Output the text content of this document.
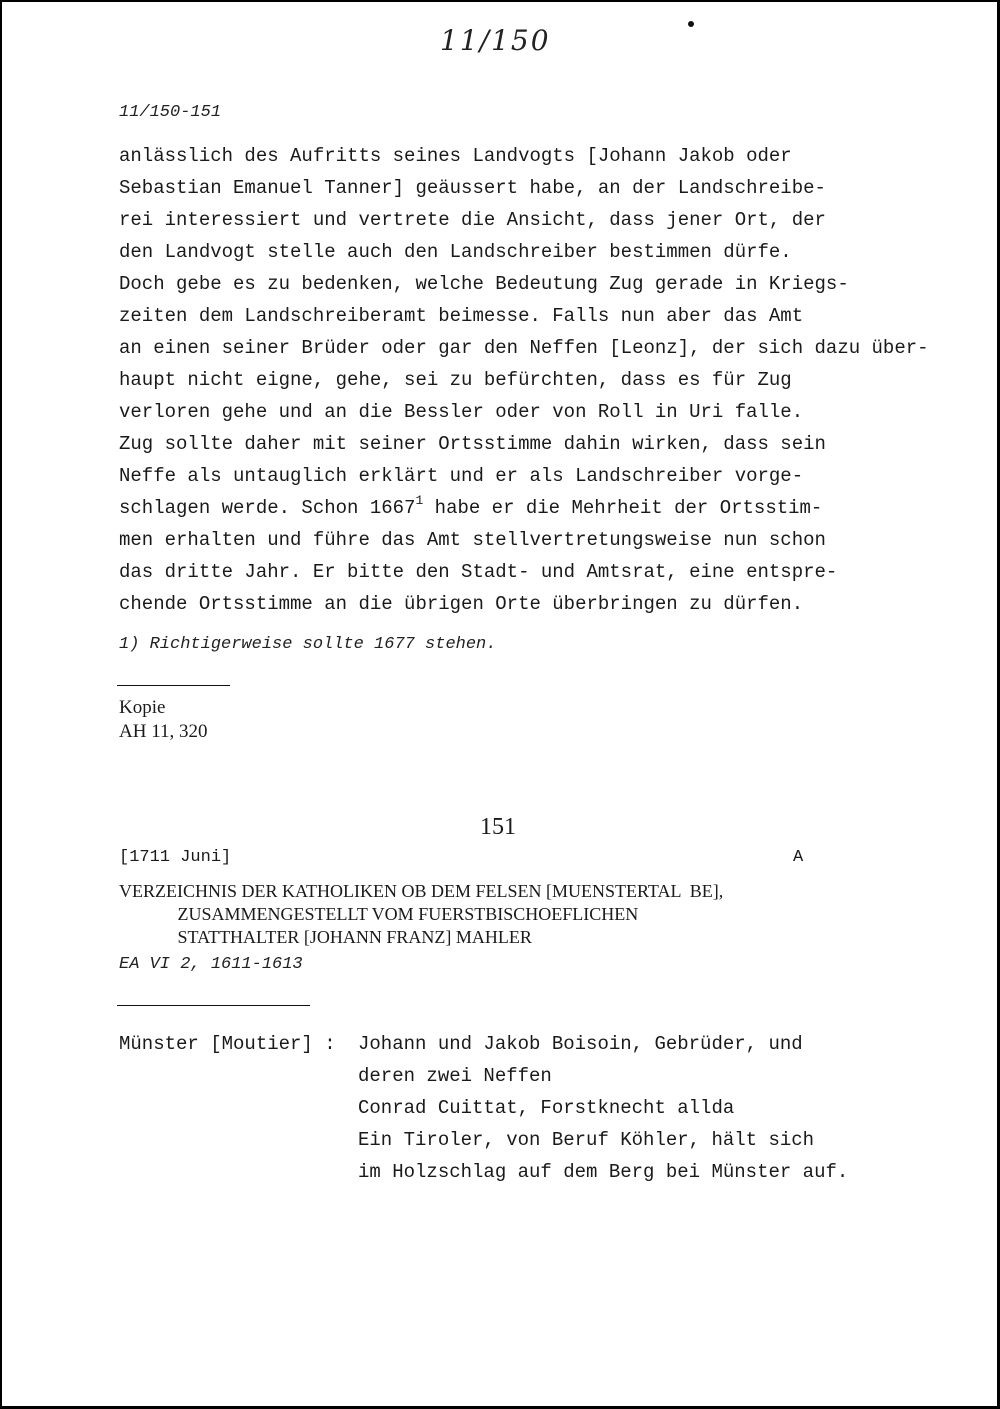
11/150
11/150-151
anlässlich des Aufritts seines Landvogts [Johann Jakob oder
Sebastian Emanuel Tanner] geäussert habe, an der Landschreibe-
rei interessiert und vertrete die Ansicht, dass jener Ort, der
den Landvogt stelle auch den Landschreiber bestimmen dürfe.
Doch gebe es zu bedenken, welche Bedeutung Zug gerade in Kriegs-
zeiten dem Landschreiberamt beimesse. Falls nun aber das Amt
an einen seiner Brüder oder gar den Neffen [Leonz], der sich dazu über-
haupt nicht eigne, gehe, sei zu befürchten, dass es für Zug
verloren gehe und an die Bessler oder von Roll in Uri falle.
Zug sollte daher mit seiner Ortsstimme dahin wirken, dass sein
Neffe als untauglich erklärt und er als Landschreiber vorge-
schlagen werde. Schon 1667$^1$ habe er die Mehrheit der Ortsstim-
men erhalten und führe das Amt stellvertretungsweise nun schon
das dritte Jahr. Er bitte den Stadt- und Amtsrat, eine entspre-
chende Ortsstimme an die übrigen Orte überbringen zu dürfen.
1) Richtigerweise sollte 1677 stehen.
Kopie
AH 11, 320
151
[1711 Juni]	A
VERZEICHNIS DER KATHOLIKEN OB DEM FELSEN [MUENSTERTAL  BE],
ZUSAMMENGESTELLT VOM FUERSTBISCHOEFLICHEN
STATTHALTER [JOHANN FRANZ] MAHLER
EA VI 2, 1611-1613
Münster [Moutier] : Johann und Jakob Boisoin, Gebrüder, und
deren zwei Neffen
Conrad Cuittat, Forstknecht allda
Ein Tiroler, von Beruf Köhler, hält sich
im Holzschlag auf dem Berg bei Münster auf.
